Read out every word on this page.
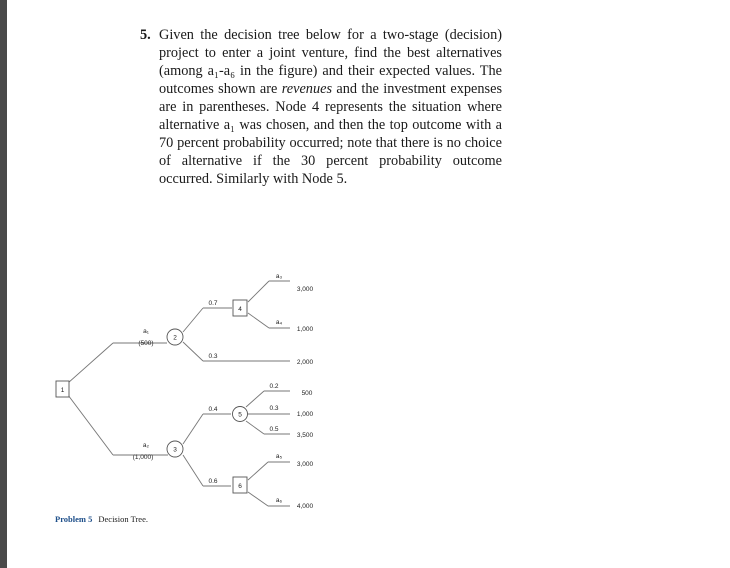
5. Given the decision tree below for a two-stage (decision) project to enter a joint venture, find the best alternatives (among a₁-a₆ in the figure) and their expected values. The outcomes shown are revenues and the investment expenses are in parentheses. Node 4 represents the situation where alternative a₁ was chosen, and then the top outcome with a 70 percent probability occurred; note that there is no choice of alternative if the 30 percent probability outcome occurred. Similarly with Node 5.
1
2
3
4
5
6
a₁
(500)
a₂
(1,000)
a₃
a₄
a₅
a₆
0.7
0.3
0.4
0.6
0.2
0.3
0.5
3,000
1,000
2,000
500
1,000
3,500
3,000
4,000
Problem 5 Decision Tree.
